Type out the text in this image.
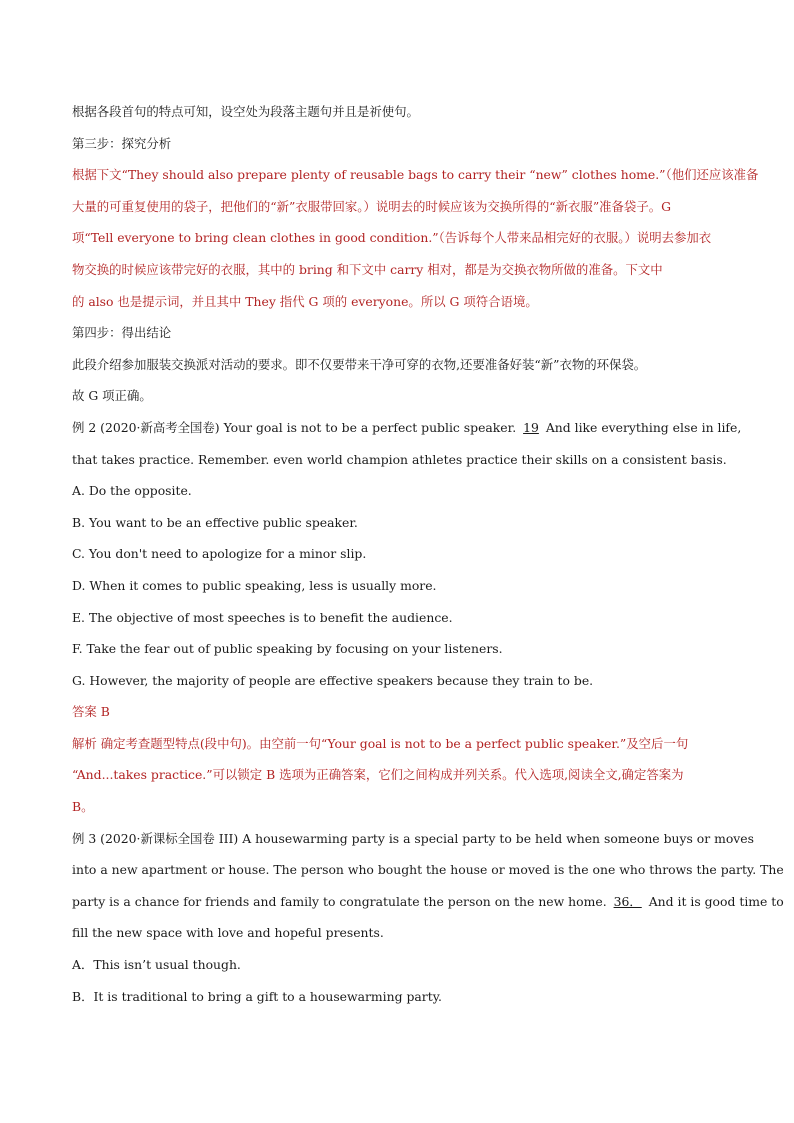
根据各段首句的特点可知，设空处为段落主题句并且是祈使句。
第三步：探究分析
根据下文“They should also prepare plenty of reusable bags to carry their “new” clothes home.”（他们还应该准备
大量的可重复使用的袋子，把他们的“新”衣服带回家。）说明去的时候应该为交换所得的“新衣服”准备袋子。G
项“Tell everyone to bring clean clothes in good condition.”（告诉每个人带来品相完好的衣服。）说明去参加衣
物交换的时候应该带完好的衣服，其中的 bring 和下文中 carry 相对，都是为交换衣物所做的准备。下文中
的 also 也是提示词，并且其中 They 指代 G 项的 everyone。所以 G 项符合语境。
第四步：得出结论
此段介绍参加服装交换派对活动的要求。即不仅要带来干净可穿的衣物,还要准备好装“新”衣物的环保袋。
故 G 项正确。
例 2 (2020·新高考全国卷) Your goal is not to be a perfect public speaker. 19 And like everything else in life,
that takes practice. Remember. even world champion athletes practice their skills on a consistent basis.
A. Do the opposite.
B. You want to be an effective public speaker.
C. You don't need to apologize for a minor slip.
D. When it comes to public speaking, less is usually more.
E. The objective of most speeches is to benefit the audience.
F. Take the fear out of public speaking by focusing on your listeners.
G. However, the majority of people are effective speakers because they train to be.
答案 B
解析 确定考查题型特点(段中句)。由空前一句“Your goal is not to be a perfect public speaker.”及空后一句
“And...takes practice.”可以锁定 B 选项为正确答案，它们之间构成并列关系。代入选项,阅读全文,确定答案为
B。
例 3 (2020·新课标全国卷 III) A housewarming party is a special party to be held when someone buys or moves
into a new apartment or house. The person who bought the house or moved is the one who throws the party. The
party is a chance for friends and family to congratulate the person on the new home. 36． And it is good time to
fill the new space with love and hopeful presents.
A．This isn’t usual though.
B．It is traditional to bring a gift to a housewarming party.
